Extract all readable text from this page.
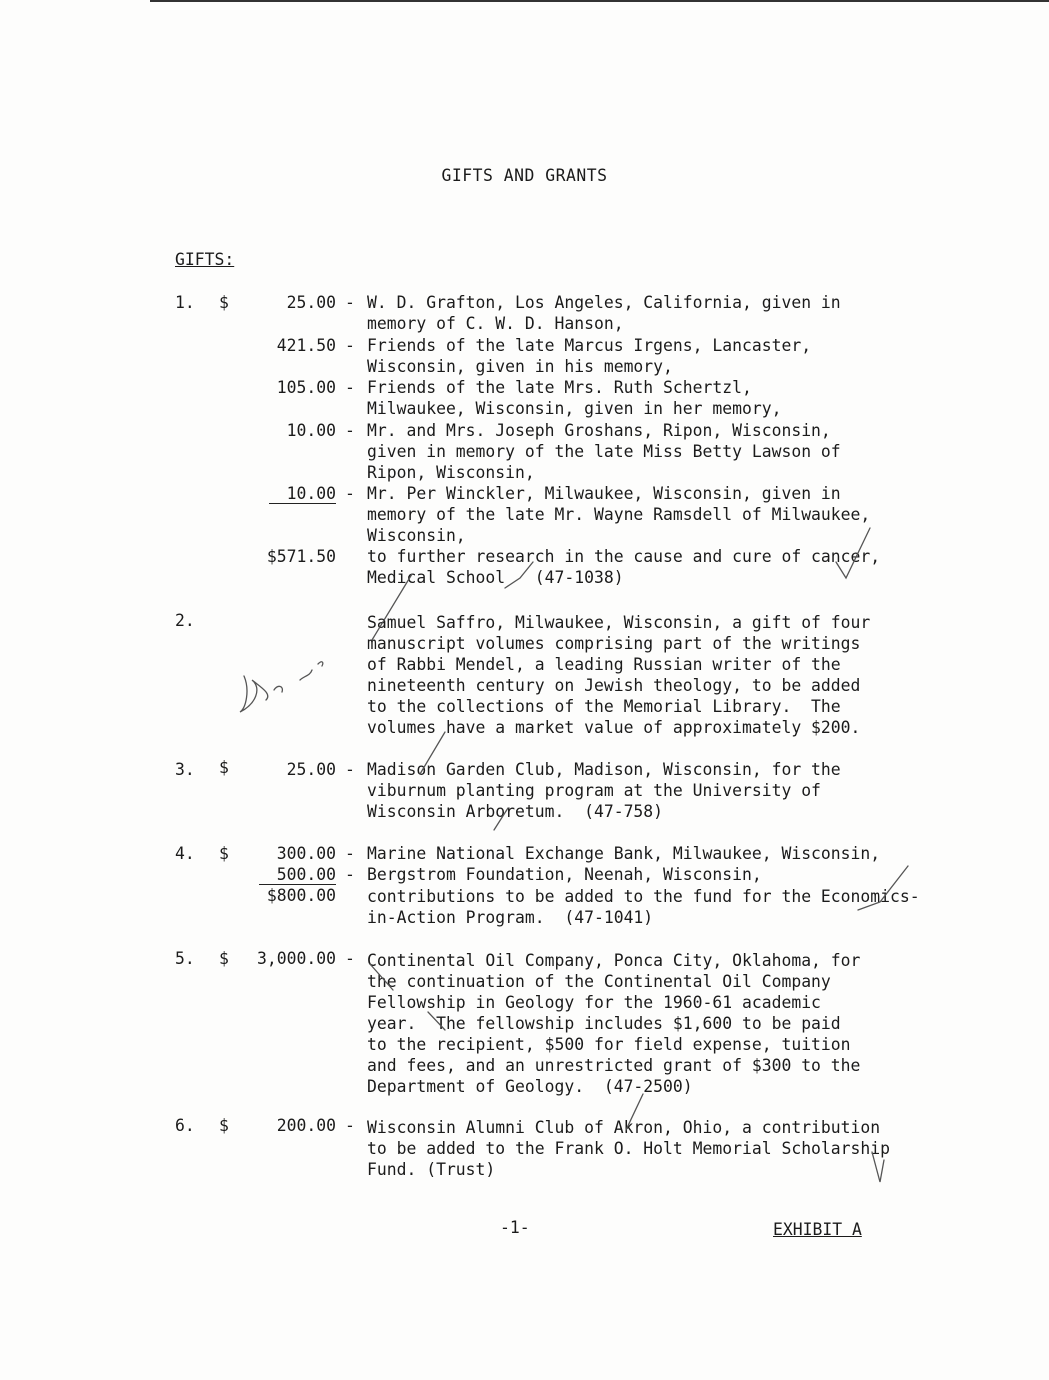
GIFTS AND GRANTS
GIFTS:
1. $	25.00 - W. D. Grafton, Los Angeles, California, given in
memory of C. W. D. Hanson,
421.50 - Friends of the late Marcus Irgens, Lancaster,
Wisconsin, given in his memory,
105.00 - Friends of the late Mrs. Ruth Schertzl,
Milwaukee, Wisconsin, given in her memory,
10.00 - Mr. and Mrs. Joseph Groshans, Ripon, Wisconsin,
given in memory of the late Miss Betty Lawson of
Ripon, Wisconsin,
10.00 - Mr. Per Winckler, Milwaukee, Wisconsin, given in
memory of the late Mr. Wayne Ramsdell of Milwaukee,
Wisconsin,
$571.50 to further research in the cause and cure of cancer,
Medical School   (47-1038)
2.	Samuel Saffro, Milwaukee, Wisconsin, a gift of four
manuscript volumes comprising part of the writings
of Rabbi Mendel, a leading Russian writer of the
nineteenth century on Jewish theology, to be added
to the collections of the Memorial Library.  The
volumes have a market value of approximately $200.
3. $	25.00 - Madison Garden Club, Madison, Wisconsin, for the
viburnum planting program at the University of
Wisconsin Arboretum.  (47-758)
4. $	300.00 - Marine National Exchange Bank, Milwaukee, Wisconsin,
500.00 - Bergstrom Foundation, Neenah, Wisconsin,
$800.00 contributions to be added to the fund for the Economics-
in-Action Program.  (47-1041)
5. $	3,000.00 - Continental Oil Company, Ponca City, Oklahoma, for
the continuation of the Continental Oil Company
Fellowship in Geology for the 1960-61 academic
year.  The fellowship includes $1,600 to be paid
to the recipient, $500 for field expense, tuition
and fees, and an unrestricted grant of $300 to the
Department of Geology.  (47-2500)
6. $	200.00 - Wisconsin Alumni Club of Akron, Ohio, a contribution
to be added to the Frank O. Holt Memorial Scholarship
Fund. (Trust)
-1-	EXHIBIT A
